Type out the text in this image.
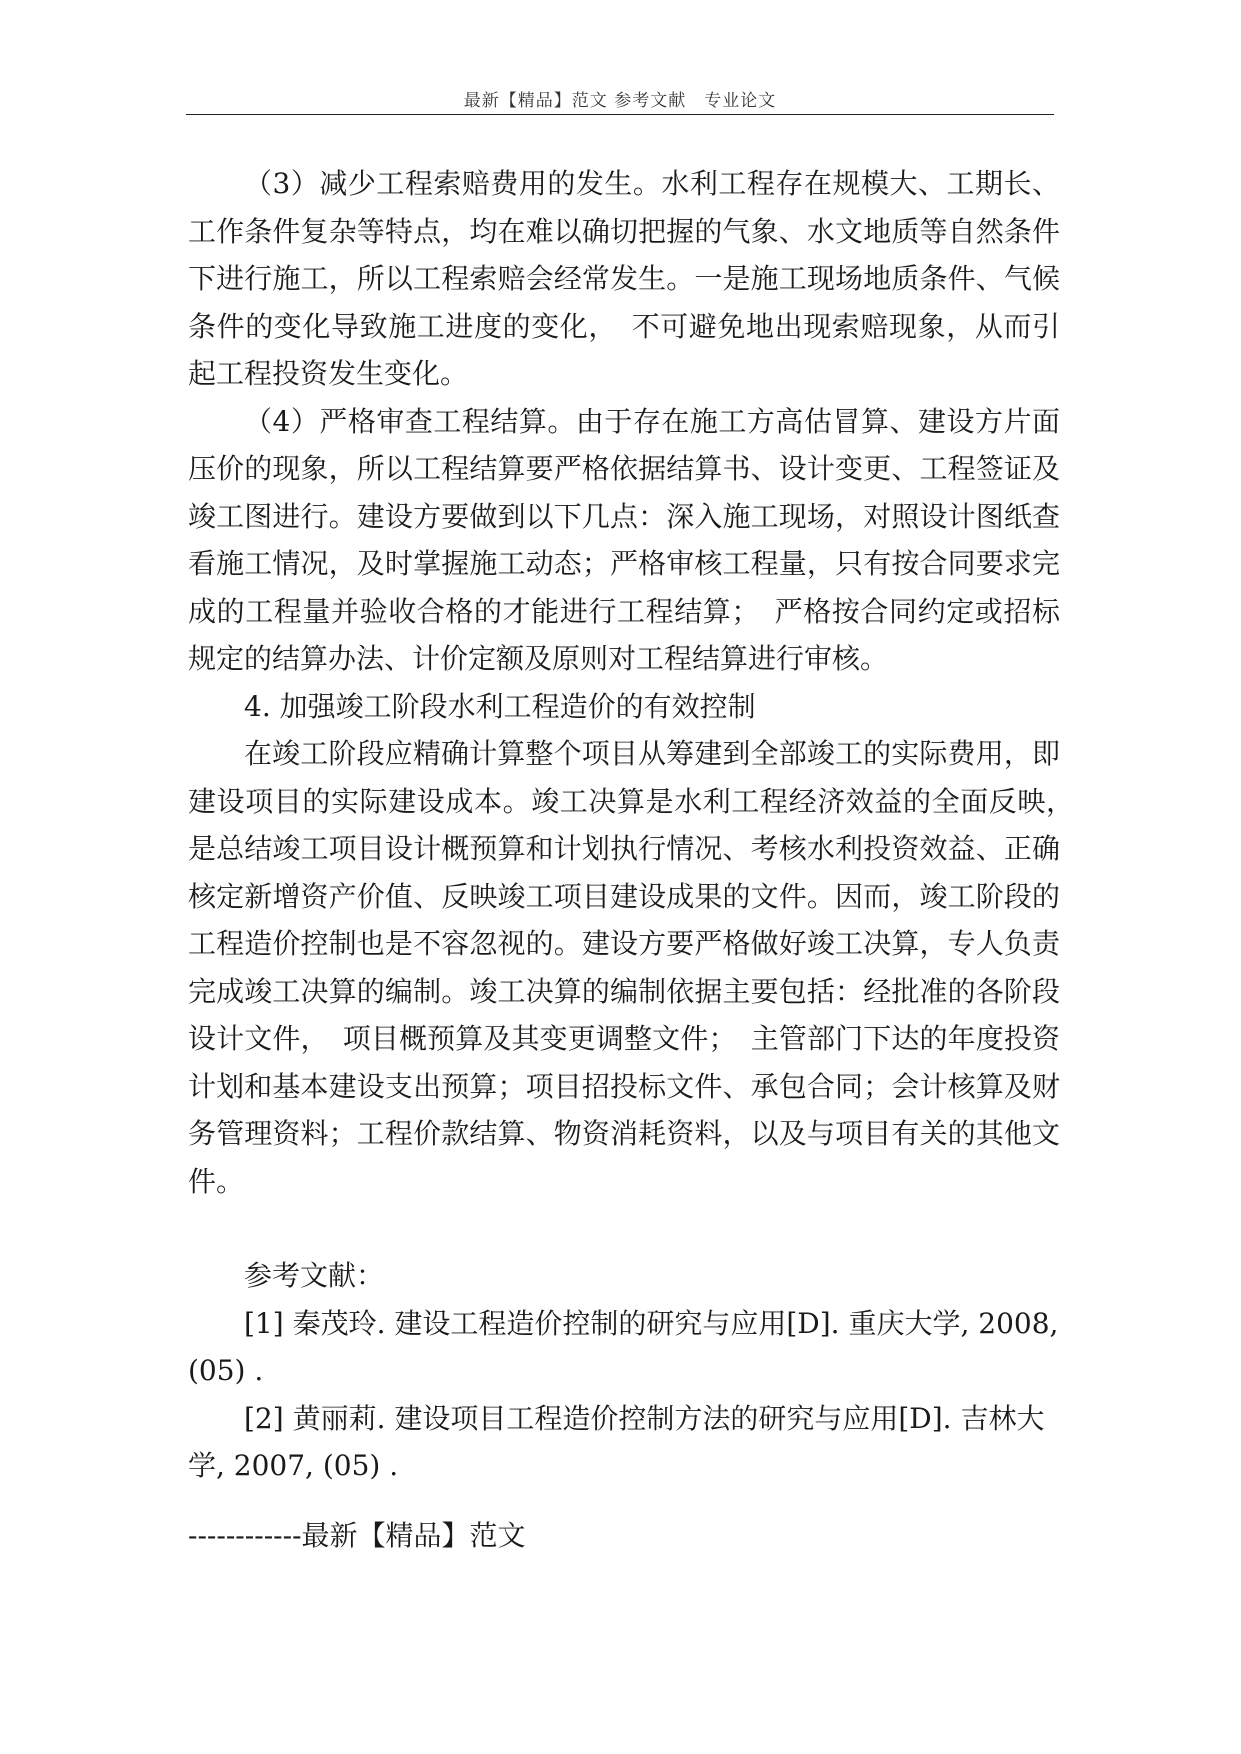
最新【精品】范文 参考文献　专业论文

（3）减少工程索赔费用的发生。水利工程存在规模大、工期长、工作条件复杂等特点，均在难以确切把握的气象、水文地质等自然条件下进行施工，所以工程索赔会经常发生。一是施工现场地质条件、气候条件的变化导致施工进度的变化，　不可避免地出现索赔现象，从而引起工程投资发生变化。

（4）严格审查工程结算。由于存在施工方高估冒算、建设方片面压价的现象，所以工程结算要严格依据结算书、设计变更、工程签证及竣工图进行。建设方要做到以下几点：深入施工现场，对照设计图纸查看施工情况，及时掌握施工动态；严格审核工程量，只有按合同要求完成的工程量并验收合格的才能进行工程结算；　严格按合同约定或招标规定的结算办法、计价定额及原则对工程结算进行审核。

4. 加强竣工阶段水利工程造价的有效控制

在竣工阶段应精确计算整个项目从筹建到全部竣工的实际费用，即建设项目的实际建设成本。竣工决算是水利工程经济效益的全面反映，　是总结竣工项目设计概预算和计划执行情况、考核水利投资效益、正确核定新增资产价值、反映竣工项目建设成果的文件。因而，竣工阶段的工程造价控制也是不容忽视的。建设方要严格做好竣工决算，专人负责完成竣工决算的编制。竣工决算的编制依据主要包括：经批准的各阶段设计文件，　项目概预算及其变更调整文件；　主管部门下达的年度投资计划和基本建设支出预算；项目招投标文件、承包合同；会计核算及财务管理资料；工程价款结算、物资消耗资料，以及与项目有关的其他文件。

参考文献：

[1] 秦茂玲. 建设工程造价控制的研究与应用[D]. 重庆大学, 2008, (05) .

[2] 黄丽莉. 建设项目工程造价控制方法的研究与应用[D]. 吉林大学, 2007, (05) .

------------最新【精品】范文
